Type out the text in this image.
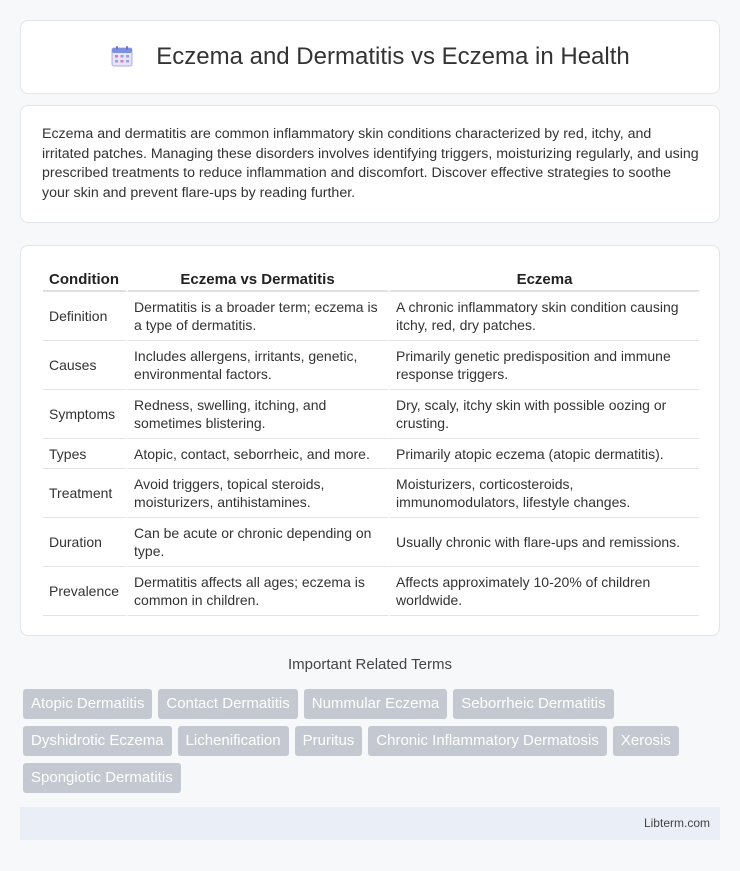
Eczema and Dermatitis vs Eczema in Health

Eczema and dermatitis are common inflammatory skin conditions characterized by red, itchy, and irritated patches. Managing these disorders involves identifying triggers, moisturizing regularly, and using prescribed treatments to reduce inflammation and discomfort. Discover effective strategies to soothe your skin and prevent flare-ups by reading further.

Condition	Eczema vs Dermatitis	Eczema
Definition	Dermatitis is a broader term; eczema is a type of dermatitis.	A chronic inflammatory skin condition causing itchy, red, dry patches.
Causes	Includes allergens, irritants, genetic, environmental factors.	Primarily genetic predisposition and immune response triggers.
Symptoms	Redness, swelling, itching, and sometimes blistering.	Dry, scaly, itchy skin with possible oozing or crusting.
Types	Atopic, contact, seborrheic, and more.	Primarily atopic eczema (atopic dermatitis).
Treatment	Avoid triggers, topical steroids, moisturizers, antihistamines.	Moisturizers, corticosteroids, immunomodulators, lifestyle changes.
Duration	Can be acute or chronic depending on type.	Usually chronic with flare-ups and remissions.
Prevalence	Dermatitis affects all ages; eczema is common in children.	Affects approximately 10-20% of children worldwide.
Important Related Terms
Atopic Dermatitis	Contact Dermatitis	Nummular Eczema	Seborrheic Dermatitis
Dyshidrotic Eczema	Lichenification	Pruritus	Chronic Inflammatory Dermatosis	Xerosis
Spongiotic Dermatitis
Libterm.com
